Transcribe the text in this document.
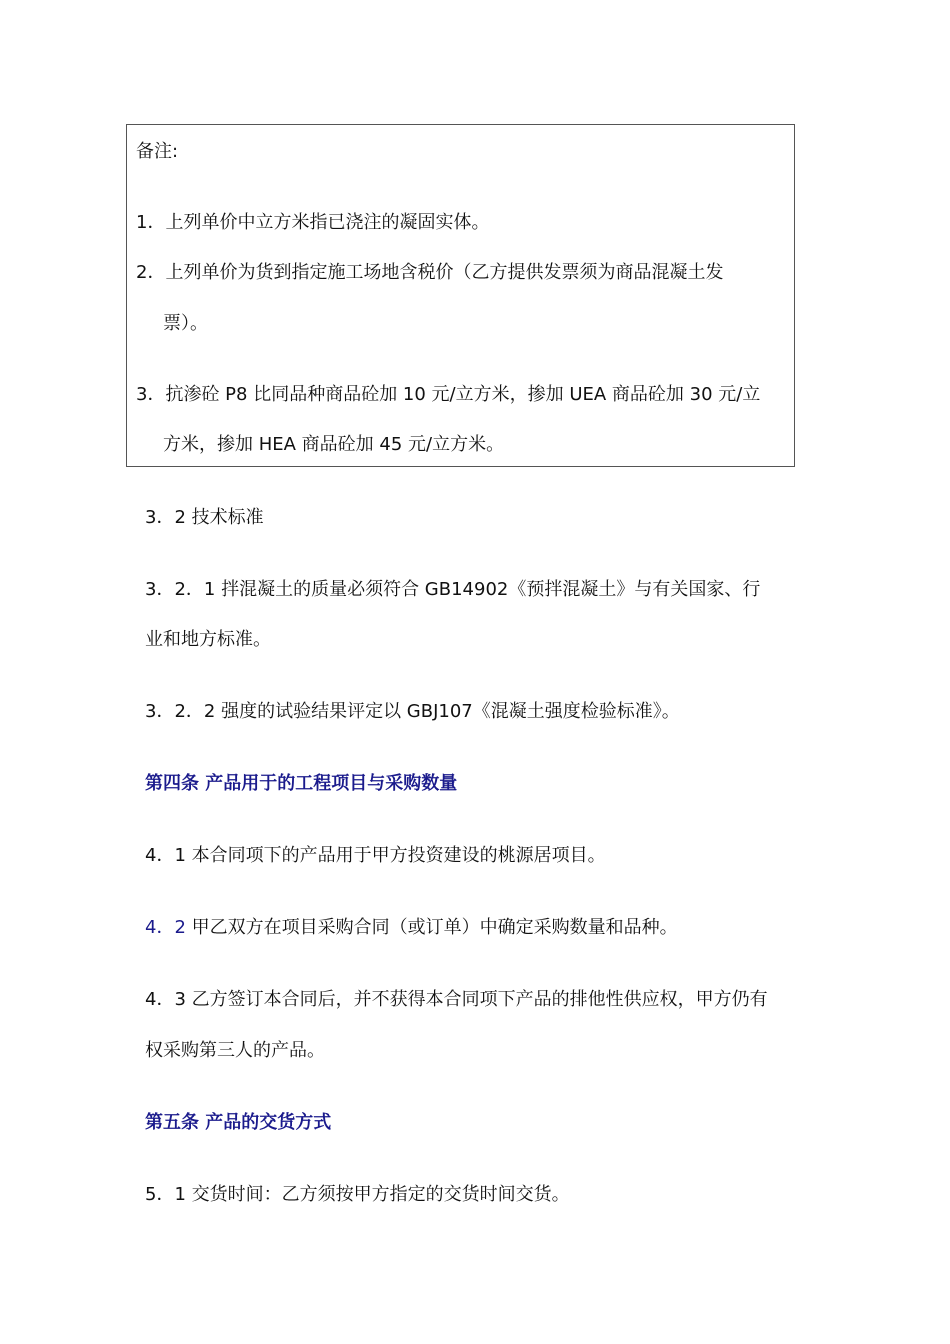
备注:
1．上列单价中立方米指已浇注的凝固实体。
2．上列单价为货到指定施工场地含税价（乙方提供发票须为商品混凝土发
票）。
3．抗渗砼 P8 比同品种商品砼加 10 元/立方米，掺加 UEA 商品砼加 30 元/立
方米，掺加 HEA 商品砼加 45 元/立方米。
3．2 技术标准
3．2．1 拌混凝土的质量必须符合 GB14902《预拌混凝土》与有关国家、行
业和地方标准。
3．2．2 强度的试验结果评定以 GBJ107《混凝土强度检验标准》。
第四条 产品用于的工程项目与采购数量
4．1 本合同项下的产品用于甲方投资建设的桃源居项目。
4．2 甲乙双方在项目采购合同（或订单）中确定采购数量和品种。
4．3 乙方签订本合同后，并不获得本合同项下产品的排他性供应权，甲方仍有
权采购第三人的产品。
第五条 产品的交货方式
5．1 交货时间：乙方须按甲方指定的交货时间交货。
